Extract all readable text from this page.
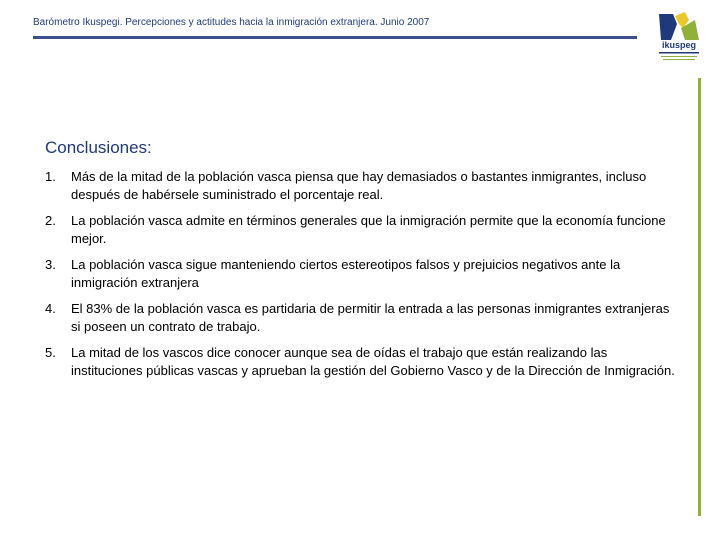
Barómetro Ikuspegi. Percepciones y actitudes hacia la inmigración extranjera. Junio 2007
ikuspeg
Conclusiones:
1. Más de la mitad de la población vasca piensa que hay demasiados o bastantes inmigrantes, incluso después de habérsele suministrado el porcentaje real.
2. La población vasca admite en términos generales que la inmigración permite que la economía funcione mejor.
3. La población vasca sigue manteniendo ciertos estereotipos falsos y prejuicios negativos ante la inmigración extranjera
4. El 83% de la población vasca es partidaria de permitir la entrada a las personas inmigrantes extranjeras si poseen un contrato de trabajo.
5. La mitad de los vascos dice conocer aunque sea de oídas el trabajo que están realizando las instituciones públicas vascas y aprueban la gestión del Gobierno Vasco y de la Dirección de Inmigración.
